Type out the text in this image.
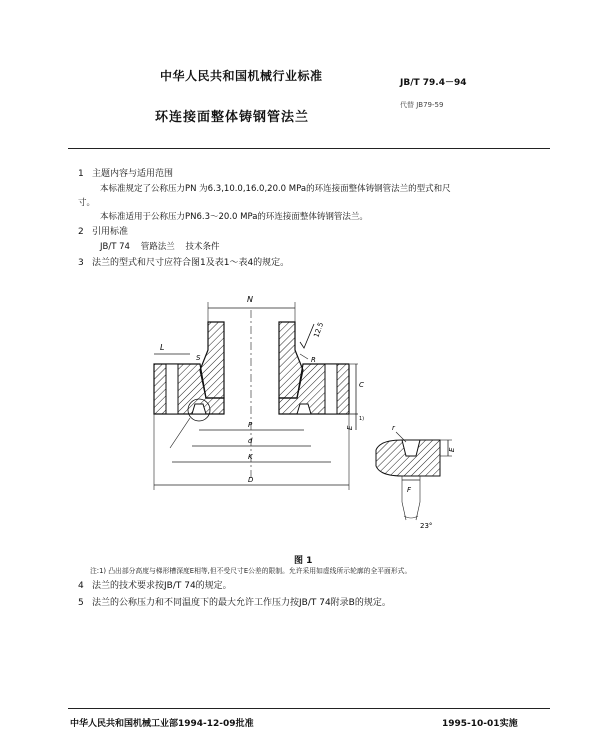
中华人民共和国机械行业标准	JB/T 79.4－94
代替 JB79-59
环连接面整体铸钢管法兰
1 主题内容与适用范围
本标准规定了公称压力PN 为6.3,10.0,16.0,20.0 MPa的环连接面整体铸钢管法兰的型式和尺
寸。
本标准适用于公称压力PN6.3～20.0 MPa的环连接面整体铸钢管法兰。
2 引用标准
JB/T 74    管路法兰    技术条件
3 法兰的型式和尺寸应符合图1及表1～表4的规定。
N
L
S	R
12.5
C
E
1)
P
d
K
D
E
r
F
23°
图 1
注:1) 凸出部分高度与梯形槽深度E相等,但不受尺寸E公差的限制。允许采用如虚线所示轮廓的全平面形式。
4 法兰的技术要求按JB/T 74的规定。
5 法兰的公称压力和不同温度下的最大允许工作压力按JB/T 74附录B的规定。
中华人民共和国机械工业部1994-12-09批准	1995-10-01实施
